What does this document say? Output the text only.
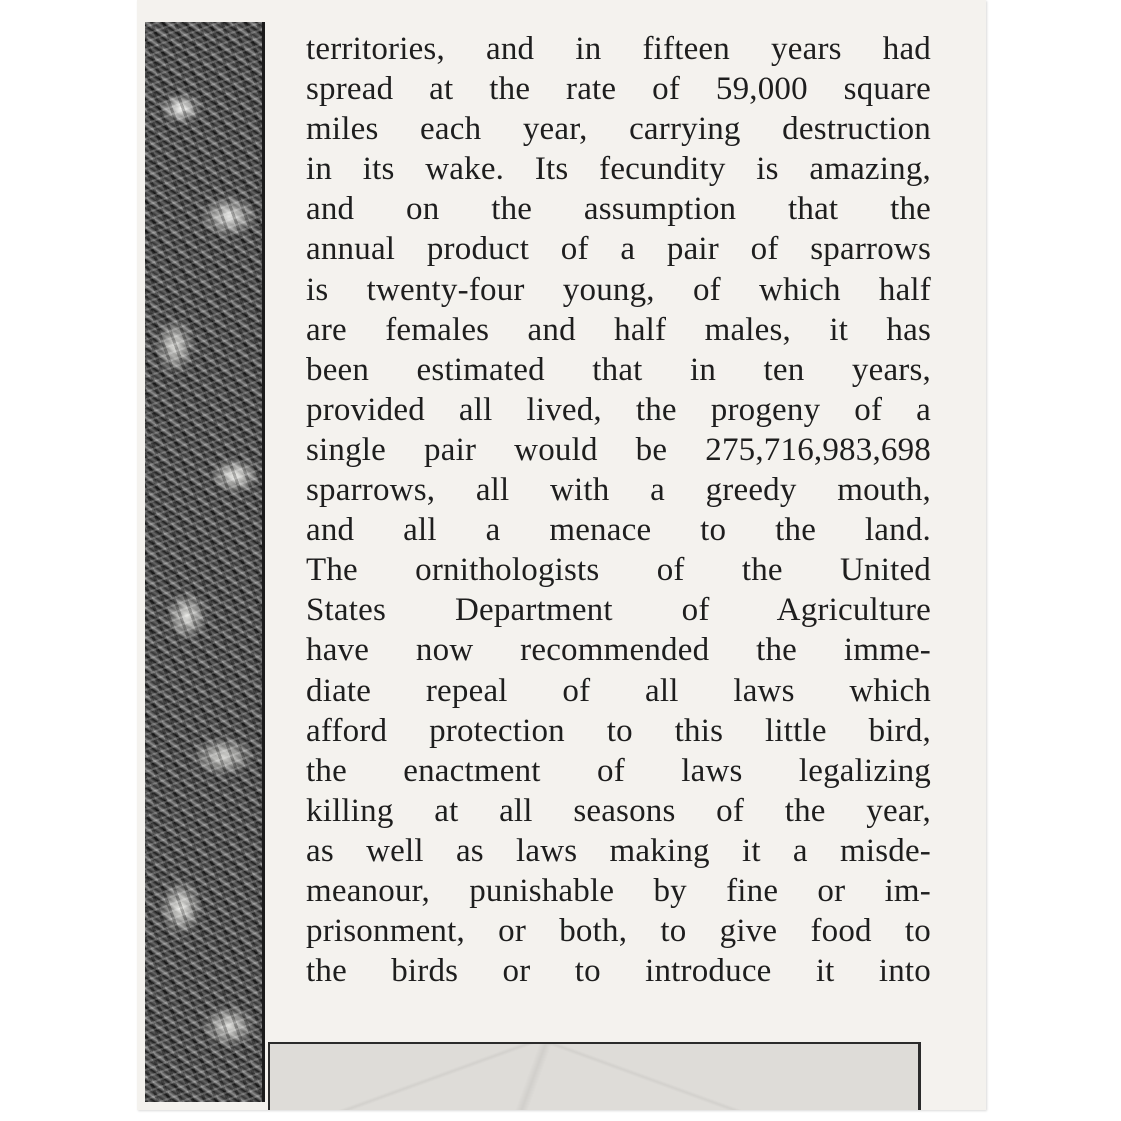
territories, and in fifteen years had
spread at the rate of 59,000 square
miles each year, carrying destruction
in its wake. Its fecundity is amazing,
and on the assumption that the
annual product of a pair of sparrows
is twenty-four young, of which half
are females and half males, it has
been estimated that in ten years,
provided all lived, the progeny of a
single pair would be 275,716,983,698
sparrows, all with a greedy mouth,
and all a menace to the land.
The ornithologists of the United
States Department of Agriculture
have now recommended the imme-
diate repeal of all laws which
afford protection to this little bird,
the enactment of laws legalizing
killing at all seasons of the year,
as well as laws making it a misde-
meanour, punishable by fine or im-
prisonment, or both, to give food to
the birds or to introduce it into
